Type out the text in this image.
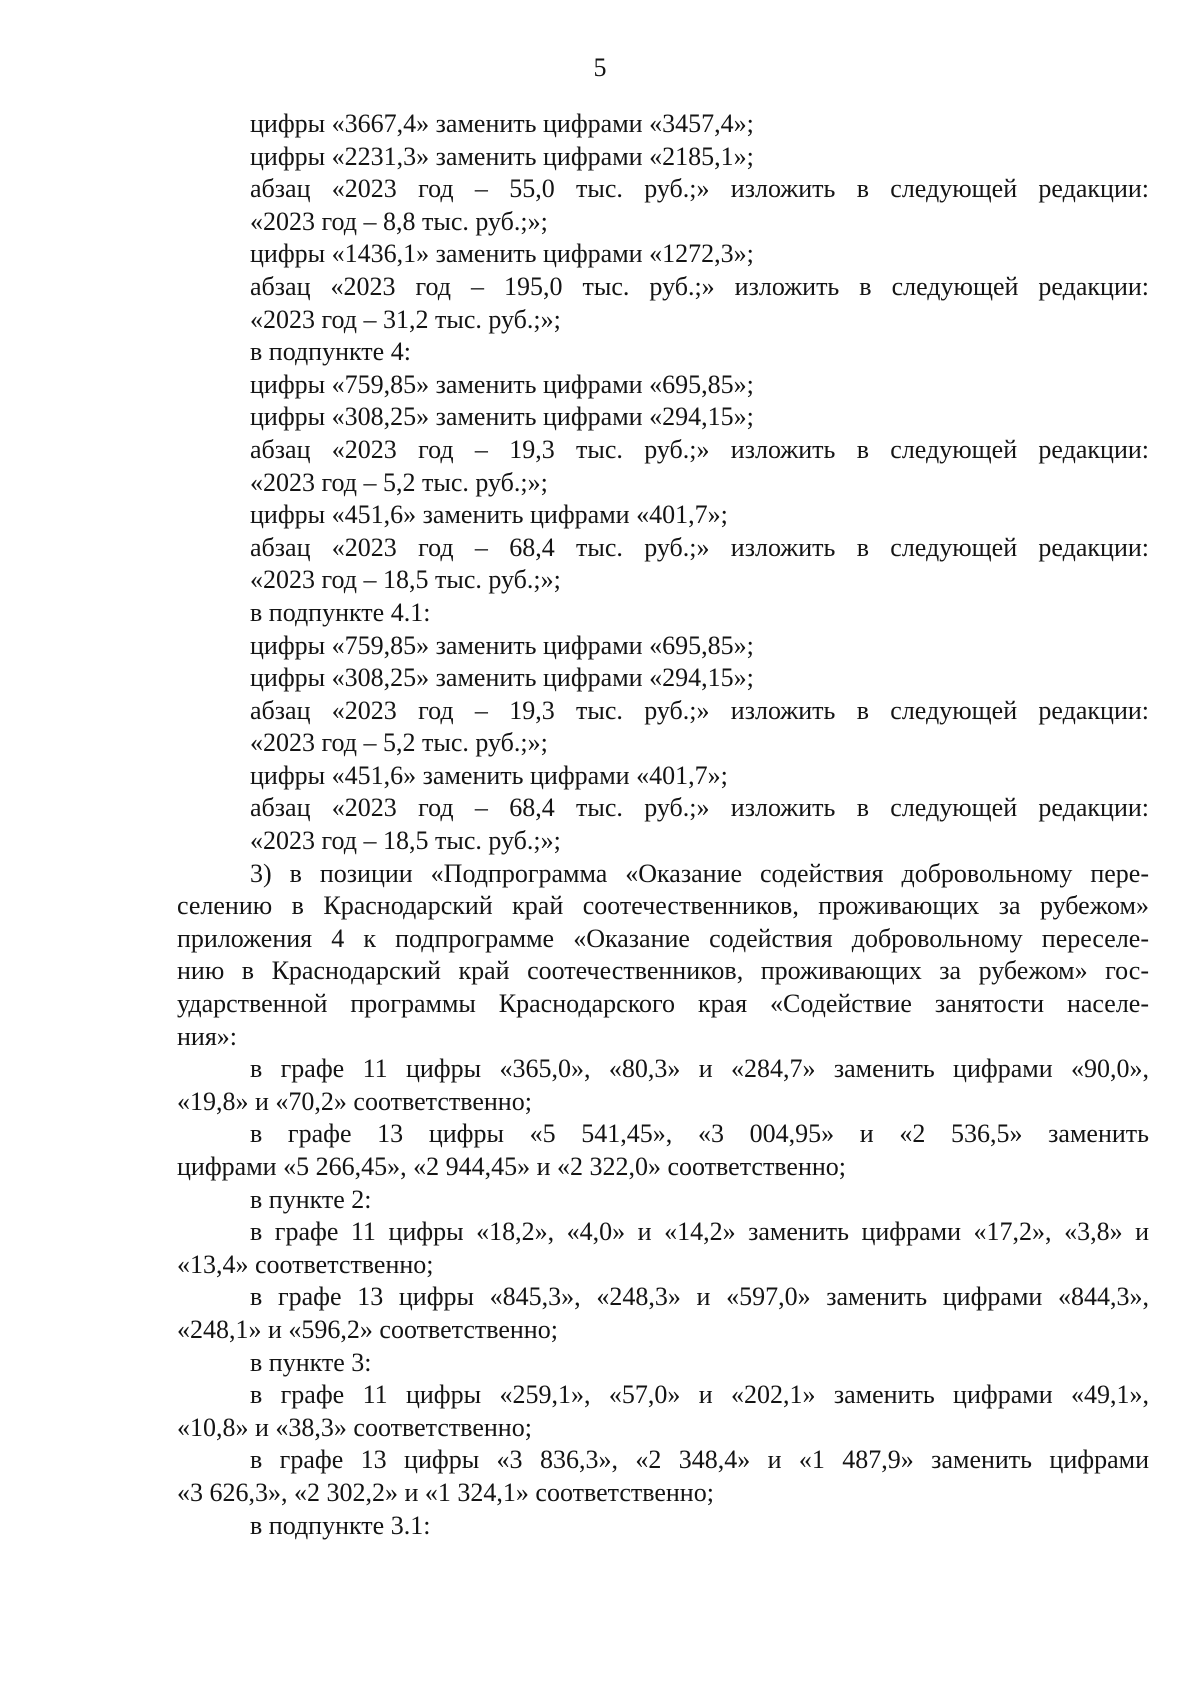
5

цифры «3667,4» заменить цифрами «3457,4»;

цифры «2231,3» заменить цифрами «2185,1»;

абзац «2023 год – 55,0 тыс. руб.;» изложить в следующей редакции:

«2023 год – 8,8 тыс. руб.;»;

цифры «1436,1» заменить цифрами «1272,3»;

абзац «2023 год – 195,0 тыс. руб.;» изложить в следующей редакции:

«2023 год – 31,2 тыс. руб.;»;

в подпункте 4:

цифры «759,85» заменить цифрами «695,85»;

цифры «308,25» заменить цифрами «294,15»;

абзац «2023 год – 19,3 тыс. руб.;» изложить в следующей редакции:

«2023 год – 5,2 тыс. руб.;»;

цифры «451,6» заменить цифрами «401,7»;

абзац «2023 год – 68,4 тыс. руб.;» изложить в следующей редакции:

«2023 год – 18,5 тыс. руб.;»;

в подпункте 4.1:

цифры «759,85» заменить цифрами «695,85»;

цифры «308,25» заменить цифрами «294,15»;

абзац «2023 год – 19,3 тыс. руб.;» изложить в следующей редакции:

«2023 год – 5,2 тыс. руб.;»;

цифры «451,6» заменить цифрами «401,7»;

абзац «2023 год – 68,4 тыс. руб.;» изложить в следующей редакции:

«2023 год – 18,5 тыс. руб.;»;

3) в позиции «Подпрограмма «Оказание содействия добровольному пере-

селению в Краснодарский край соотечественников, проживающих за рубежом»

приложения 4 к подпрограмме «Оказание содействия добровольному переселе-

нию в Краснодарский край соотечественников, проживающих за рубежом» гос-

ударственной программы Краснодарского края «Содействие занятости населе-

ния»:

в графе 11 цифры «365,0», «80,3» и «284,7» заменить цифрами «90,0»,

«19,8» и «70,2» соответственно;

в графе 13 цифры «5 541,45», «3 004,95» и «2 536,5» заменить

цифрами «5 266,45», «2 944,45» и «2 322,0» соответственно;

в пункте 2:

в графе 11 цифры «18,2», «4,0» и «14,2» заменить цифрами «17,2», «3,8» и

«13,4» соответственно;

в графе 13 цифры «845,3», «248,3» и «597,0» заменить цифрами «844,3»,

«248,1» и «596,2» соответственно;

в пункте 3:

в графе 11 цифры «259,1», «57,0» и «202,1» заменить цифрами «49,1»,

«10,8» и «38,3» соответственно;

в графе 13 цифры «3 836,3», «2 348,4» и «1 487,9» заменить цифрами

«3 626,3», «2 302,2» и «1 324,1» соответственно;

в подпункте 3.1:
